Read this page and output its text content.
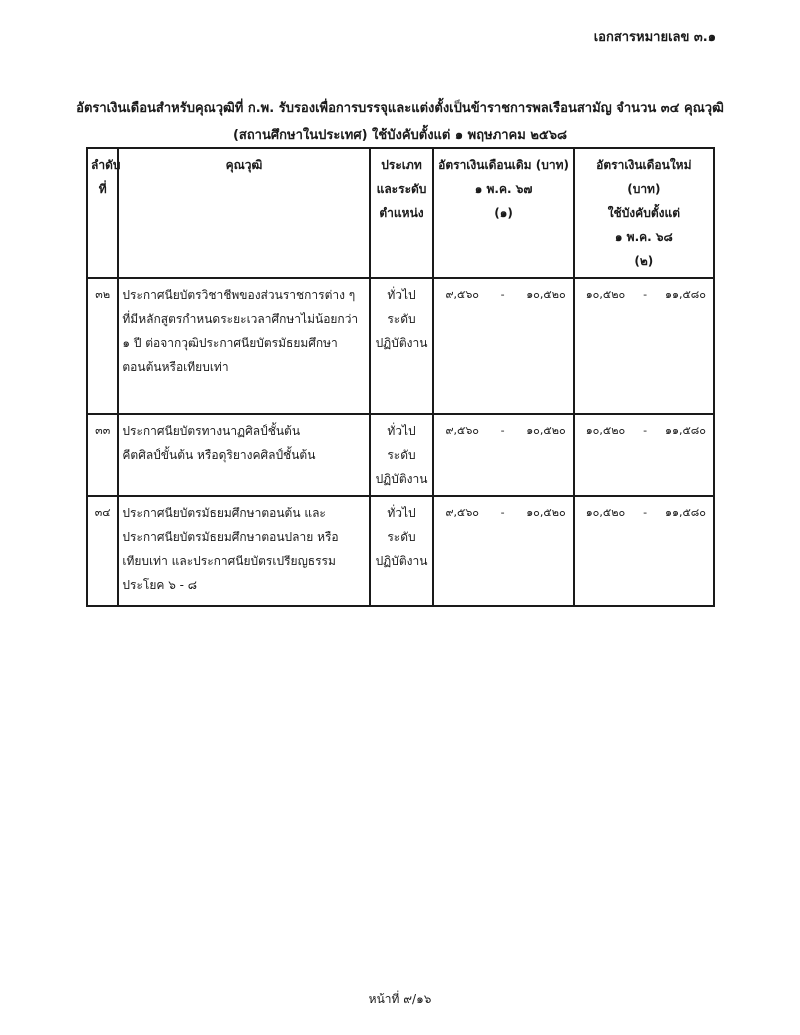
เอกสารหมายเลข ๓.๑
อัตราเงินเดือนสำหรับคุณวุฒิที่ ก.พ. รับรองเพื่อการบรรจุและแต่งตั้งเป็นข้าราชการพลเรือนสามัญ จำนวน ๓๔ คุณวุฒิ
(สถานศึกษาในประเทศ) ใช้บังคับตั้งแต่ ๑ พฤษภาคม ๒๕๖๘
ลำดับ
ที่	คุณวุฒิ	ประเภท
และระดับ
ตำแหน่ง	อัตราเงินเดือนเดิม (บาท)
๑ พ.ค. ๖๗
(๑)	อัตราเงินเดือนใหม่ (บาท)
ใช้บังคับตั้งแต่
๑ พ.ค. ๖๘
(๒)

๓๒	ประกาศนียบัตรวิชาชีพของส่วนราชการต่าง ๆ
ที่มีหลักสูตรกำหนดระยะเวลาศึกษาไม่น้อยกว่า
๑ ปี ต่อจากวุฒิประกาศนียบัตรมัธยมศึกษา
ตอนต้นหรือเทียบเท่า	ทั่วไป
ระดับ
ปฏิบัติงาน	๙,๕๖๐ - ๑๐,๕๒๐	๑๐,๕๒๐ - ๑๑,๕๘๐

๓๓	ประกาศนียบัตรทางนาฏศิลป์ชั้นต้น
คีตศิลป์ขั้นต้น หรือดุริยางคศิลป์ชั้นต้น	ทั่วไป
ระดับ
ปฏิบัติงาน	๙,๕๖๐ - ๑๐,๕๒๐	๑๐,๕๒๐ - ๑๑,๕๘๐

๓๔	ประกาศนียบัตรมัธยมศึกษาตอนต้น และ
ประกาศนียบัตรมัธยมศึกษาตอนปลาย หรือ
เทียบเท่า และประกาศนียบัตรเปรียญธรรม
ประโยค ๖ - ๘	ทั่วไป
ระดับ
ปฏิบัติงาน	๙,๕๖๐ - ๑๐,๕๒๐	๑๐,๕๒๐ - ๑๑,๕๘๐
หน้าที่ ๙/๑๖
